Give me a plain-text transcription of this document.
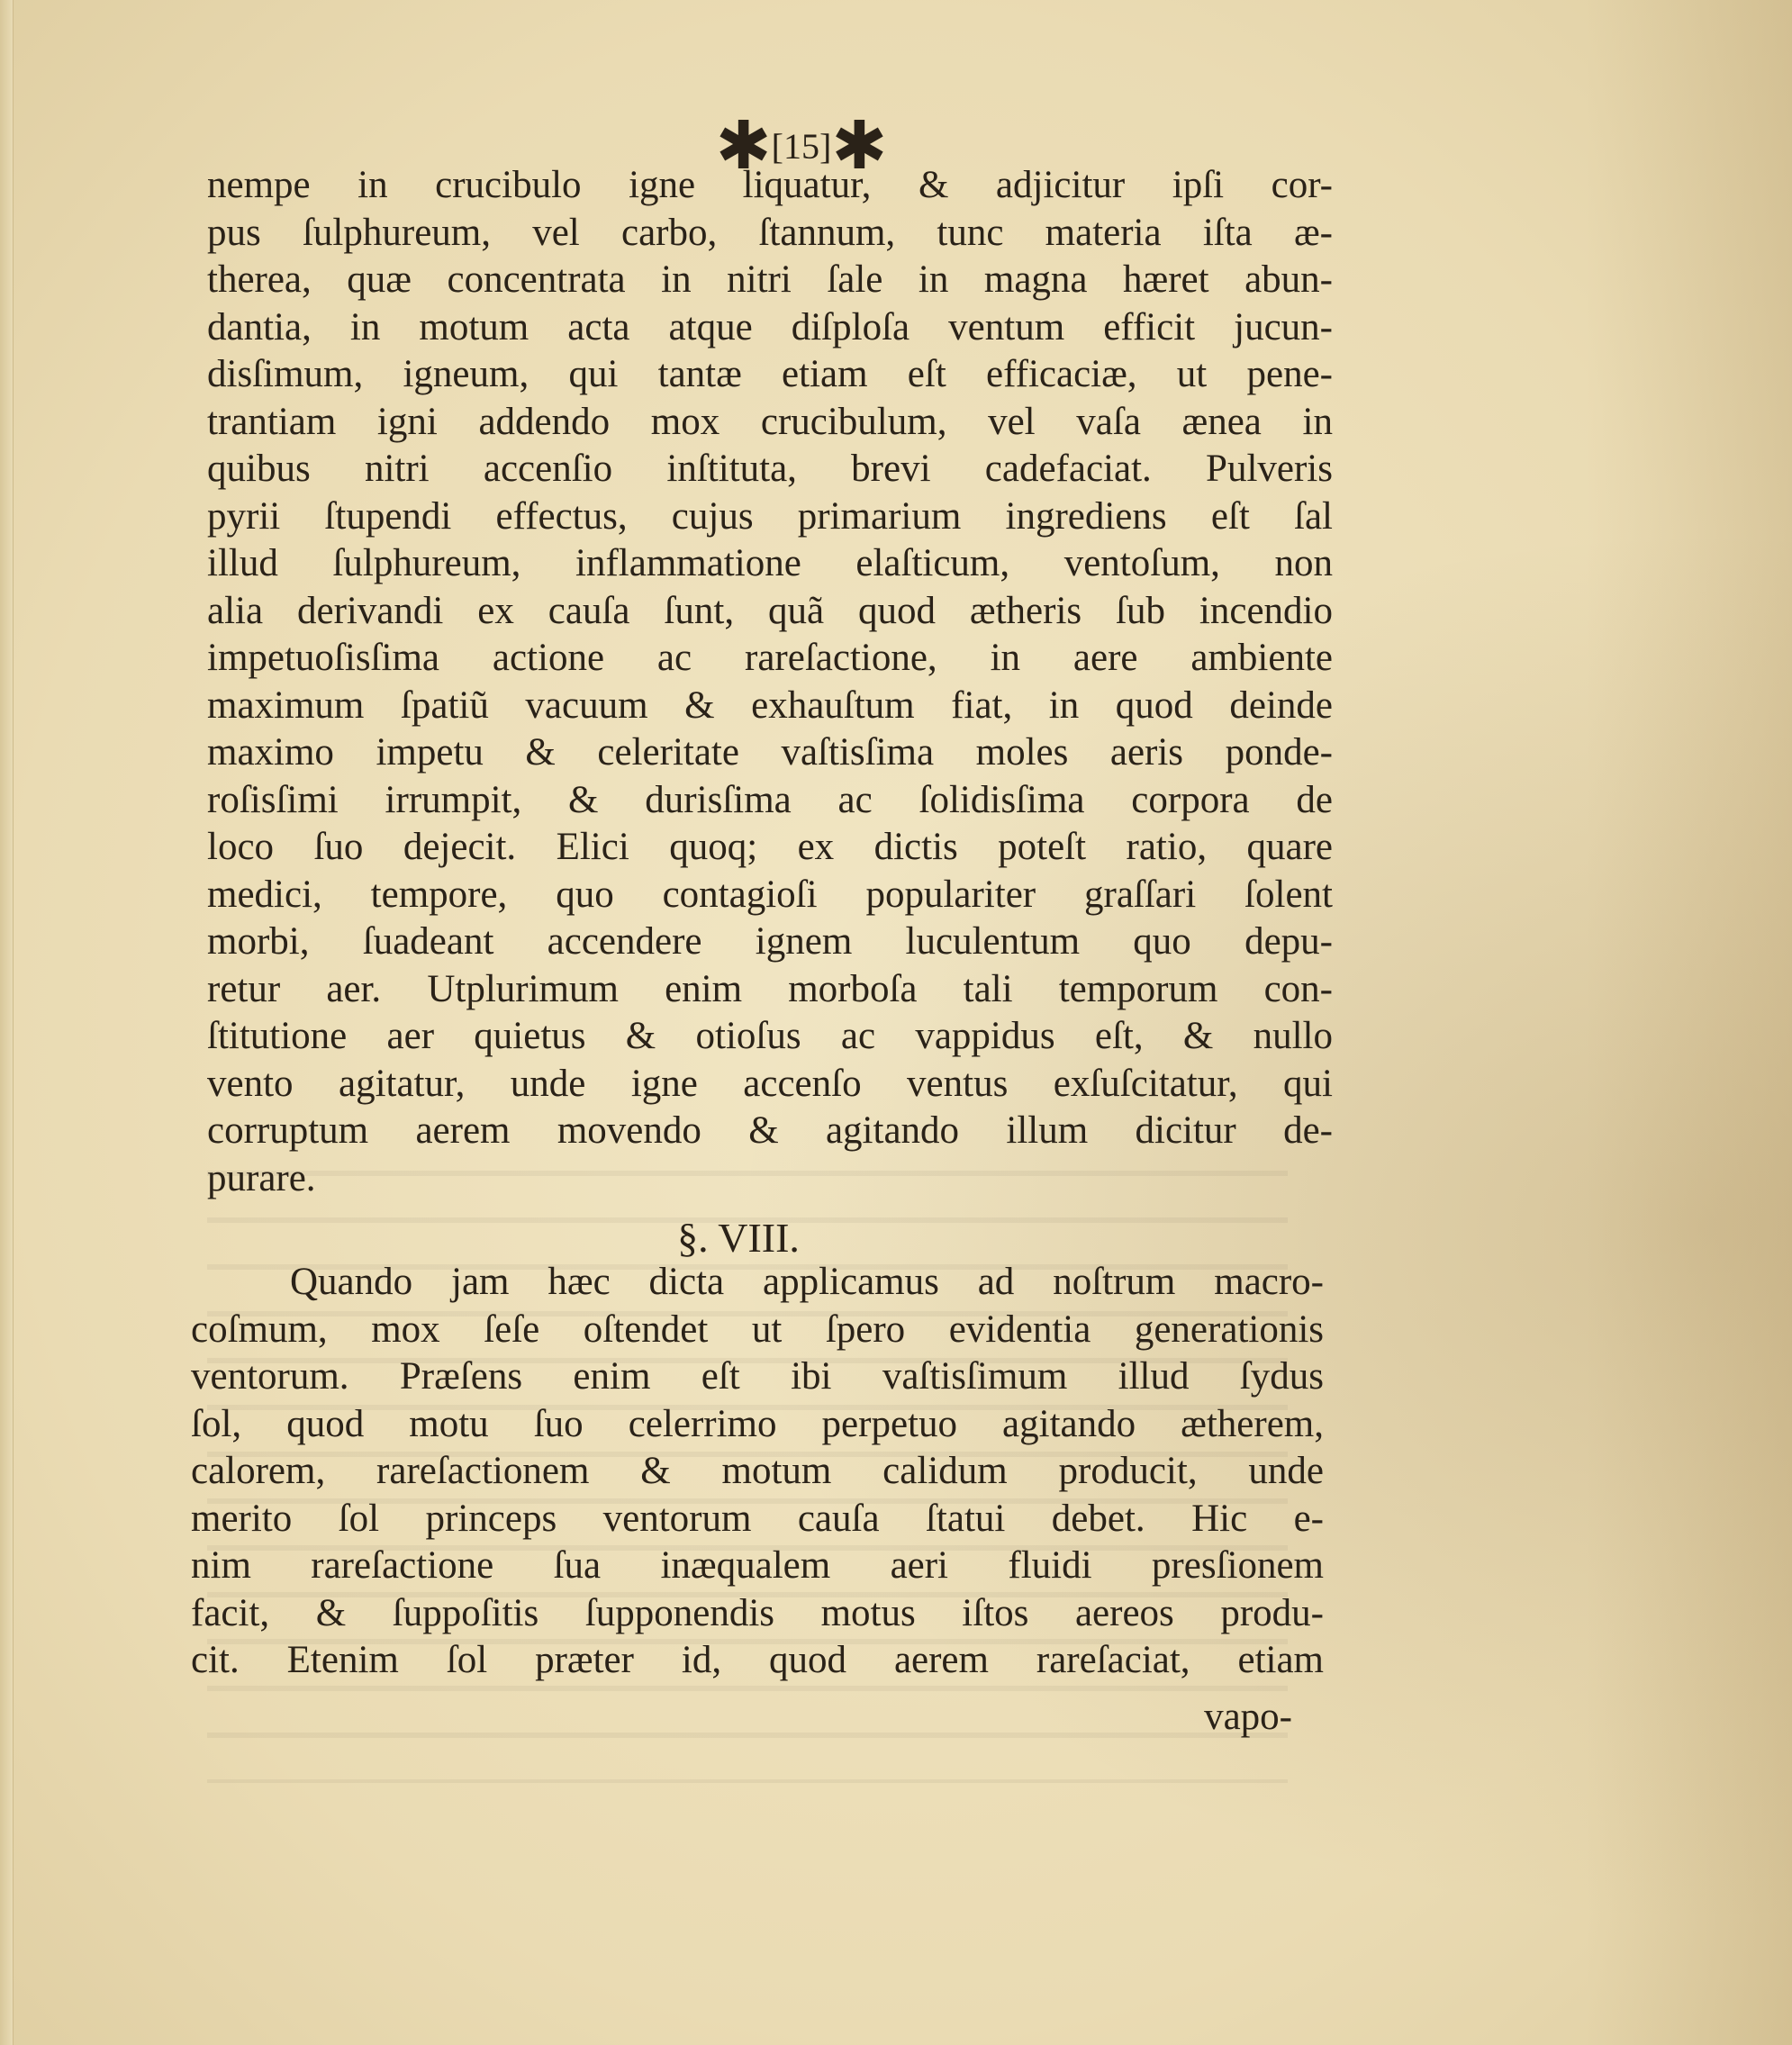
✱[15]✱
nempe in crucibulo igne liquatur, & adjicitur ipſi cor-
pus ſulphureum, vel carbo, ſtannum, tunc materia iſta æ-
therea, quæ concentrata in nitri ſale in magna hæret abun-
dantia, in motum acta atque diſploſa ventum efficit jucun-
disſimum, igneum, qui tantæ etiam eſt efficaciæ, ut pene-
trantiam igni addendo mox crucibulum, vel vaſa ænea in
quibus nitri accenſio inſtituta, brevi cadefaciat. Pulveris
pyrii ſtupendi effectus, cujus primarium ingrediens eſt ſal
illud ſulphureum, inflammatione elaſticum, ventoſum, non
alia derivandi ex cauſa ſunt, quã quod ætheris ſub incendio
impetuoſisſima actione ac rareſactione, in aere ambiente
maximum ſpatiũ vacuum & exhauſtum fiat, in quod deinde
maximo impetu & celeritate vaſtisſima moles aeris ponde-
roſisſimi irrumpit, & durisſima ac ſolidisſima corpora de
loco ſuo dejecit. Elici quoq; ex dictis poteſt ratio, quare
medici, tempore, quo contagioſi populariter graſſari ſolent
morbi, ſuadeant accendere ignem luculentum quo depu-
retur aer. Utplurimum enim morboſa tali temporum con-
ſtitutione aer quietus & otioſus ac vappidus eſt, & nullo
vento agitatur, unde igne accenſo ventus exſuſcitatur, qui
corruptum aerem movendo & agitando illum dicitur de-
purare.
§. VIII.
Quando jam hæc dicta applicamus ad noſtrum macro-
coſmum, mox ſeſe oſtendet ut ſpero evidentia generationis
ventorum. Præſens enim eſt ibi vaſtisſimum illud ſydus
ſol, quod motu ſuo celerrimo perpetuo agitando ætherem,
calorem, rareſactionem & motum calidum producit, unde
merito ſol princeps ventorum cauſa ſtatui debet. Hic e-
nim rareſactione ſua inæqualem aeri fluidi presſionem
facit, & ſuppoſitis ſupponendis motus iſtos aereos produ-
cit. Etenim ſol præter id, quod aerem rareſaciat, etiam
vapo-
